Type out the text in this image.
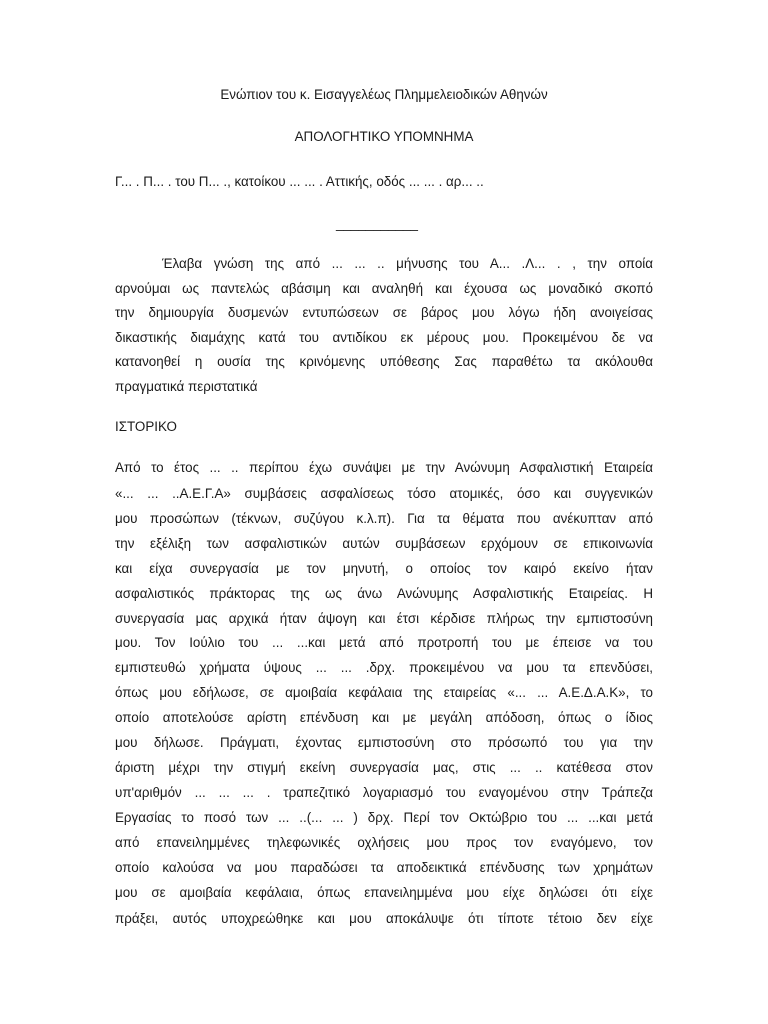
Ενώπιον του κ. Εισαγγελέως Πλημμελειοδικών Αθηνών
ΑΠΟΛΟΓΗΤΙΚΟ ΥΠΟΜΝΗΜΑ
Γ... . Π... . του Π... ., κατοίκου ... ... . Αττικής, οδός ... ... . αρ... ..
___________
Έλαβα γνώση της από ... ... .. μήνυσης του Α... .Λ... . , την οποία
αρνούμαι ως παντελώς αβάσιμη και αναληθή και έχουσα ως μοναδικό σκοπό
την δημιουργία δυσμενών εντυπώσεων σε βάρος μου λόγω ήδη ανοιγείσας
δικαστικής διαμάχης κατά του αντιδίκου εκ μέρους μου. Προκειμένου δε να
κατανοηθεί η ουσία της κρινόμενης υπόθεσης Σας παραθέτω τα ακόλουθα
πραγματικά περιστατικά
ΙΣΤΟΡΙΚΟ
Από το έτος ... .. περίπου έχω συνάψει με την Ανώνυμη Ασφαλιστική Εταιρεία
«... ... ..Α.Ε.Γ.Α» συμβάσεις ασφαλίσεως τόσο ατομικές, όσο και συγγενικών
μου προσώπων (τέκνων, συζύγου κ.λ.π). Για τα θέματα που ανέκυπταν από
την εξέλιξη των ασφαλιστικών αυτών συμβάσεων ερχόμουν σε επικοινωνία
και είχα συνεργασία με τον μηνυτή, ο οποίος τον καιρό εκείνο ήταν
ασφαλιστικός πράκτορας της ως άνω Ανώνυμης Ασφαλιστικής Εταιρείας. Η
συνεργασία μας αρχικά ήταν άψογη και έτσι κέρδισε πλήρως την εμπιστοσύνη
μου. Τον Ιούλιο του ... ...και μετά από προτροπή του με έπεισε να του
εμπιστευθώ χρήματα ύψους ... ... .δρχ. προκειμένου να μου τα επενδύσει,
όπως μου εδήλωσε, σε αμοιβαία κεφάλαια της εταιρείας «... ... Α.Ε.Δ.Α.Κ», το
οποίο αποτελούσε αρίστη επένδυση και με μεγάλη απόδοση, όπως ο ίδιος
μου δήλωσε. Πράγματι, έχοντας εμπιστοσύνη στο πρόσωπό του για την
άριστη μέχρι την στιγμή εκείνη συνεργασία μας, στις ... .. κατέθεσα στον
υπ'αριθμόν ... ... ... . τραπεζιτικό λογαριασμό του εναγομένου στην Τράπεζα
Εργασίας το ποσό των ... ..(... ... ) δρχ. Περί τον Οκτώβριο του ... ...και μετά
από επανειλημμένες τηλεφωνικές οχλήσεις μου προς τον εναγόμενο, τον
οποίο καλούσα να μου παραδώσει τα αποδεικτικά επένδυσης των χρημάτων
μου σε αμοιβαία κεφάλαια, όπως επανειλημμένα μου είχε δηλώσει ότι είχε
πράξει, αυτός υποχρεώθηκε και μου αποκάλυψε ότι τίποτε τέτοιο δεν είχε
